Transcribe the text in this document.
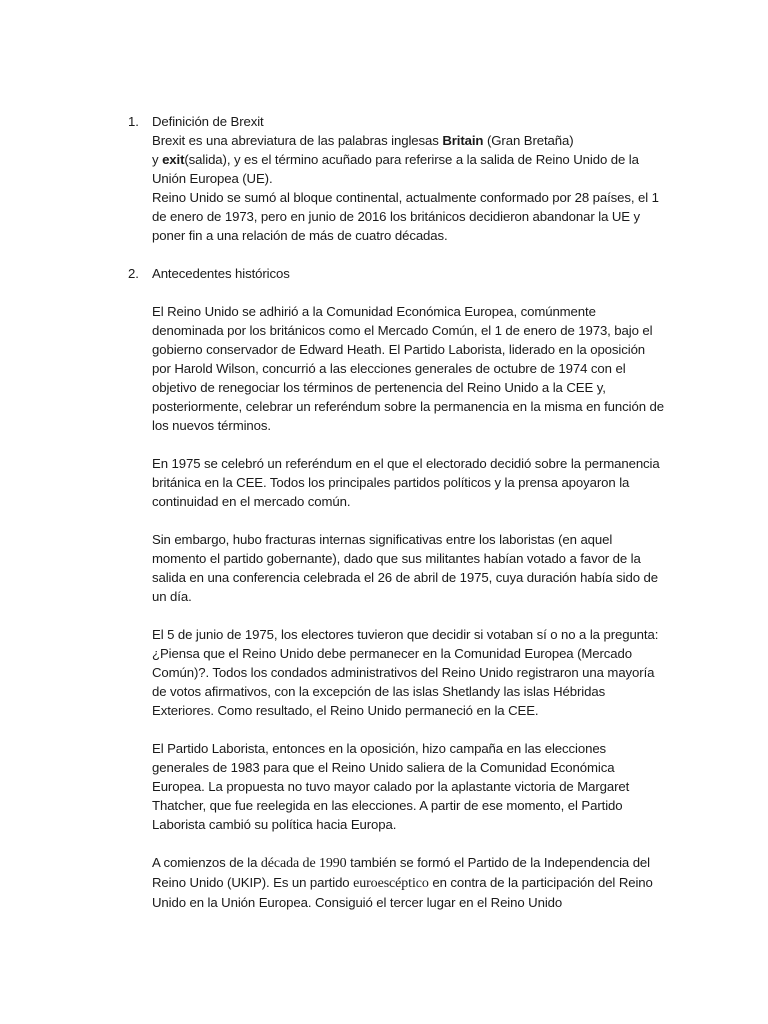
1. Definición de Brexit

Brexit es una abreviatura de las palabras inglesas Britain (Gran Bretaña)
y exit(salida), y es el término acuñado para referirse a la salida de Reino Unido de la Unión Europea (UE).

Reino Unido se sumó al bloque continental, actualmente conformado por 28 países, el 1 de enero de 1973, pero en junio de 2016 los británicos decidieron abandonar la UE y poner fin a una relación de más de cuatro décadas.

2. Antecedentes históricos

El Reino Unido se adhirió a la Comunidad Económica Europea, comúnmente denominada por los británicos como el Mercado Común, el 1 de enero de 1973, bajo el gobierno conservador de Edward Heath. El Partido Laborista, liderado en la oposición por Harold Wilson, concurrió a las elecciones generales de octubre de 1974 con el objetivo de renegociar los términos de pertenencia del Reino Unido a la CEE y, posteriormente, celebrar un referéndum sobre la permanencia en la misma en función de los nuevos términos.

En 1975 se celebró un referéndum en el que el electorado decidió sobre la permanencia británica en la CEE. Todos los principales partidos políticos y la prensa apoyaron la continuidad en el mercado común.

Sin embargo, hubo fracturas internas significativas entre los laboristas (en aquel momento el partido gobernante), dado que sus militantes habían votado a favor de la salida en una conferencia celebrada el 26 de abril de 1975, cuya duración había sido de un día.

El 5 de junio de 1975, los electores tuvieron que decidir si votaban sí o no a la pregunta: ¿Piensa que el Reino Unido debe permanecer en la Comunidad Europea (Mercado Común)?. Todos los condados administrativos del Reino Unido registraron una mayoría de votos afirmativos, con la excepción de las islas Shetlandy las islas Hébridas Exteriores. Como resultado, el Reino Unido permaneció en la CEE.

El Partido Laborista, entonces en la oposición, hizo campaña en las elecciones generales de 1983 para que el Reino Unido saliera de la Comunidad Económica Europea. La propuesta no tuvo mayor calado por la aplastante victoria de Margaret Thatcher, que fue reelegida en las elecciones. A partir de ese momento, el Partido Laborista cambió su política hacia Europa.

A comienzos de la década de 1990 también se formó el Partido de la Independencia del Reino Unido (UKIP). Es un partido euroescéptico en contra de la participación del Reino Unido en la Unión Europea. Consiguió el tercer lugar en el Reino Unido
